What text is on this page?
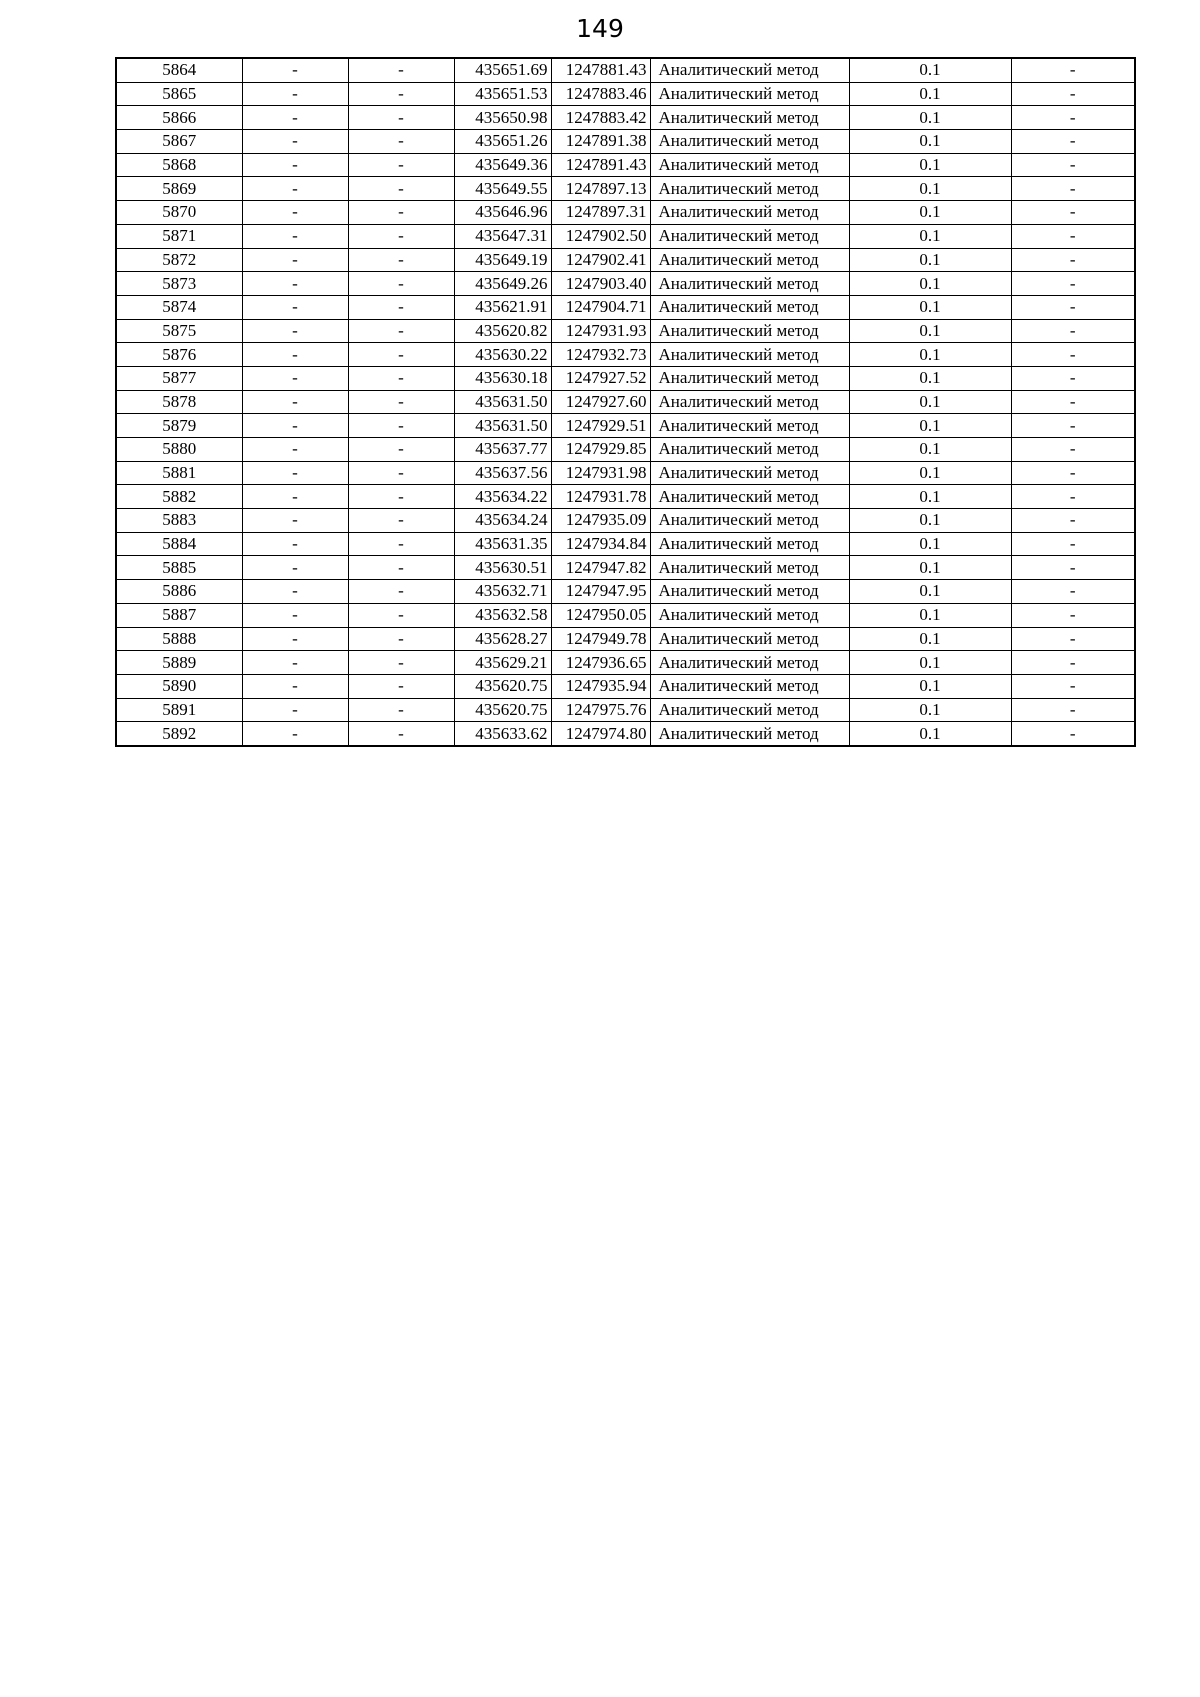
149
5864	-	-	435651.69	1247881.43	Аналитический метод	0.1	-
5865	-	-	435651.53	1247883.46	Аналитический метод	0.1	-
5866	-	-	435650.98	1247883.42	Аналитический метод	0.1	-
5867	-	-	435651.26	1247891.38	Аналитический метод	0.1	-
5868	-	-	435649.36	1247891.43	Аналитический метод	0.1	-
5869	-	-	435649.55	1247897.13	Аналитический метод	0.1	-
5870	-	-	435646.96	1247897.31	Аналитический метод	0.1	-
5871	-	-	435647.31	1247902.50	Аналитический метод	0.1	-
5872	-	-	435649.19	1247902.41	Аналитический метод	0.1	-
5873	-	-	435649.26	1247903.40	Аналитический метод	0.1	-
5874	-	-	435621.91	1247904.71	Аналитический метод	0.1	-
5875	-	-	435620.82	1247931.93	Аналитический метод	0.1	-
5876	-	-	435630.22	1247932.73	Аналитический метод	0.1	-
5877	-	-	435630.18	1247927.52	Аналитический метод	0.1	-
5878	-	-	435631.50	1247927.60	Аналитический метод	0.1	-
5879	-	-	435631.50	1247929.51	Аналитический метод	0.1	-
5880	-	-	435637.77	1247929.85	Аналитический метод	0.1	-
5881	-	-	435637.56	1247931.98	Аналитический метод	0.1	-
5882	-	-	435634.22	1247931.78	Аналитический метод	0.1	-
5883	-	-	435634.24	1247935.09	Аналитический метод	0.1	-
5884	-	-	435631.35	1247934.84	Аналитический метод	0.1	-
5885	-	-	435630.51	1247947.82	Аналитический метод	0.1	-
5886	-	-	435632.71	1247947.95	Аналитический метод	0.1	-
5887	-	-	435632.58	1247950.05	Аналитический метод	0.1	-
5888	-	-	435628.27	1247949.78	Аналитический метод	0.1	-
5889	-	-	435629.21	1247936.65	Аналитический метод	0.1	-
5890	-	-	435620.75	1247935.94	Аналитический метод	0.1	-
5891	-	-	435620.75	1247975.76	Аналитический метод	0.1	-
5892	-	-	435633.62	1247974.80	Аналитический метод	0.1	-
